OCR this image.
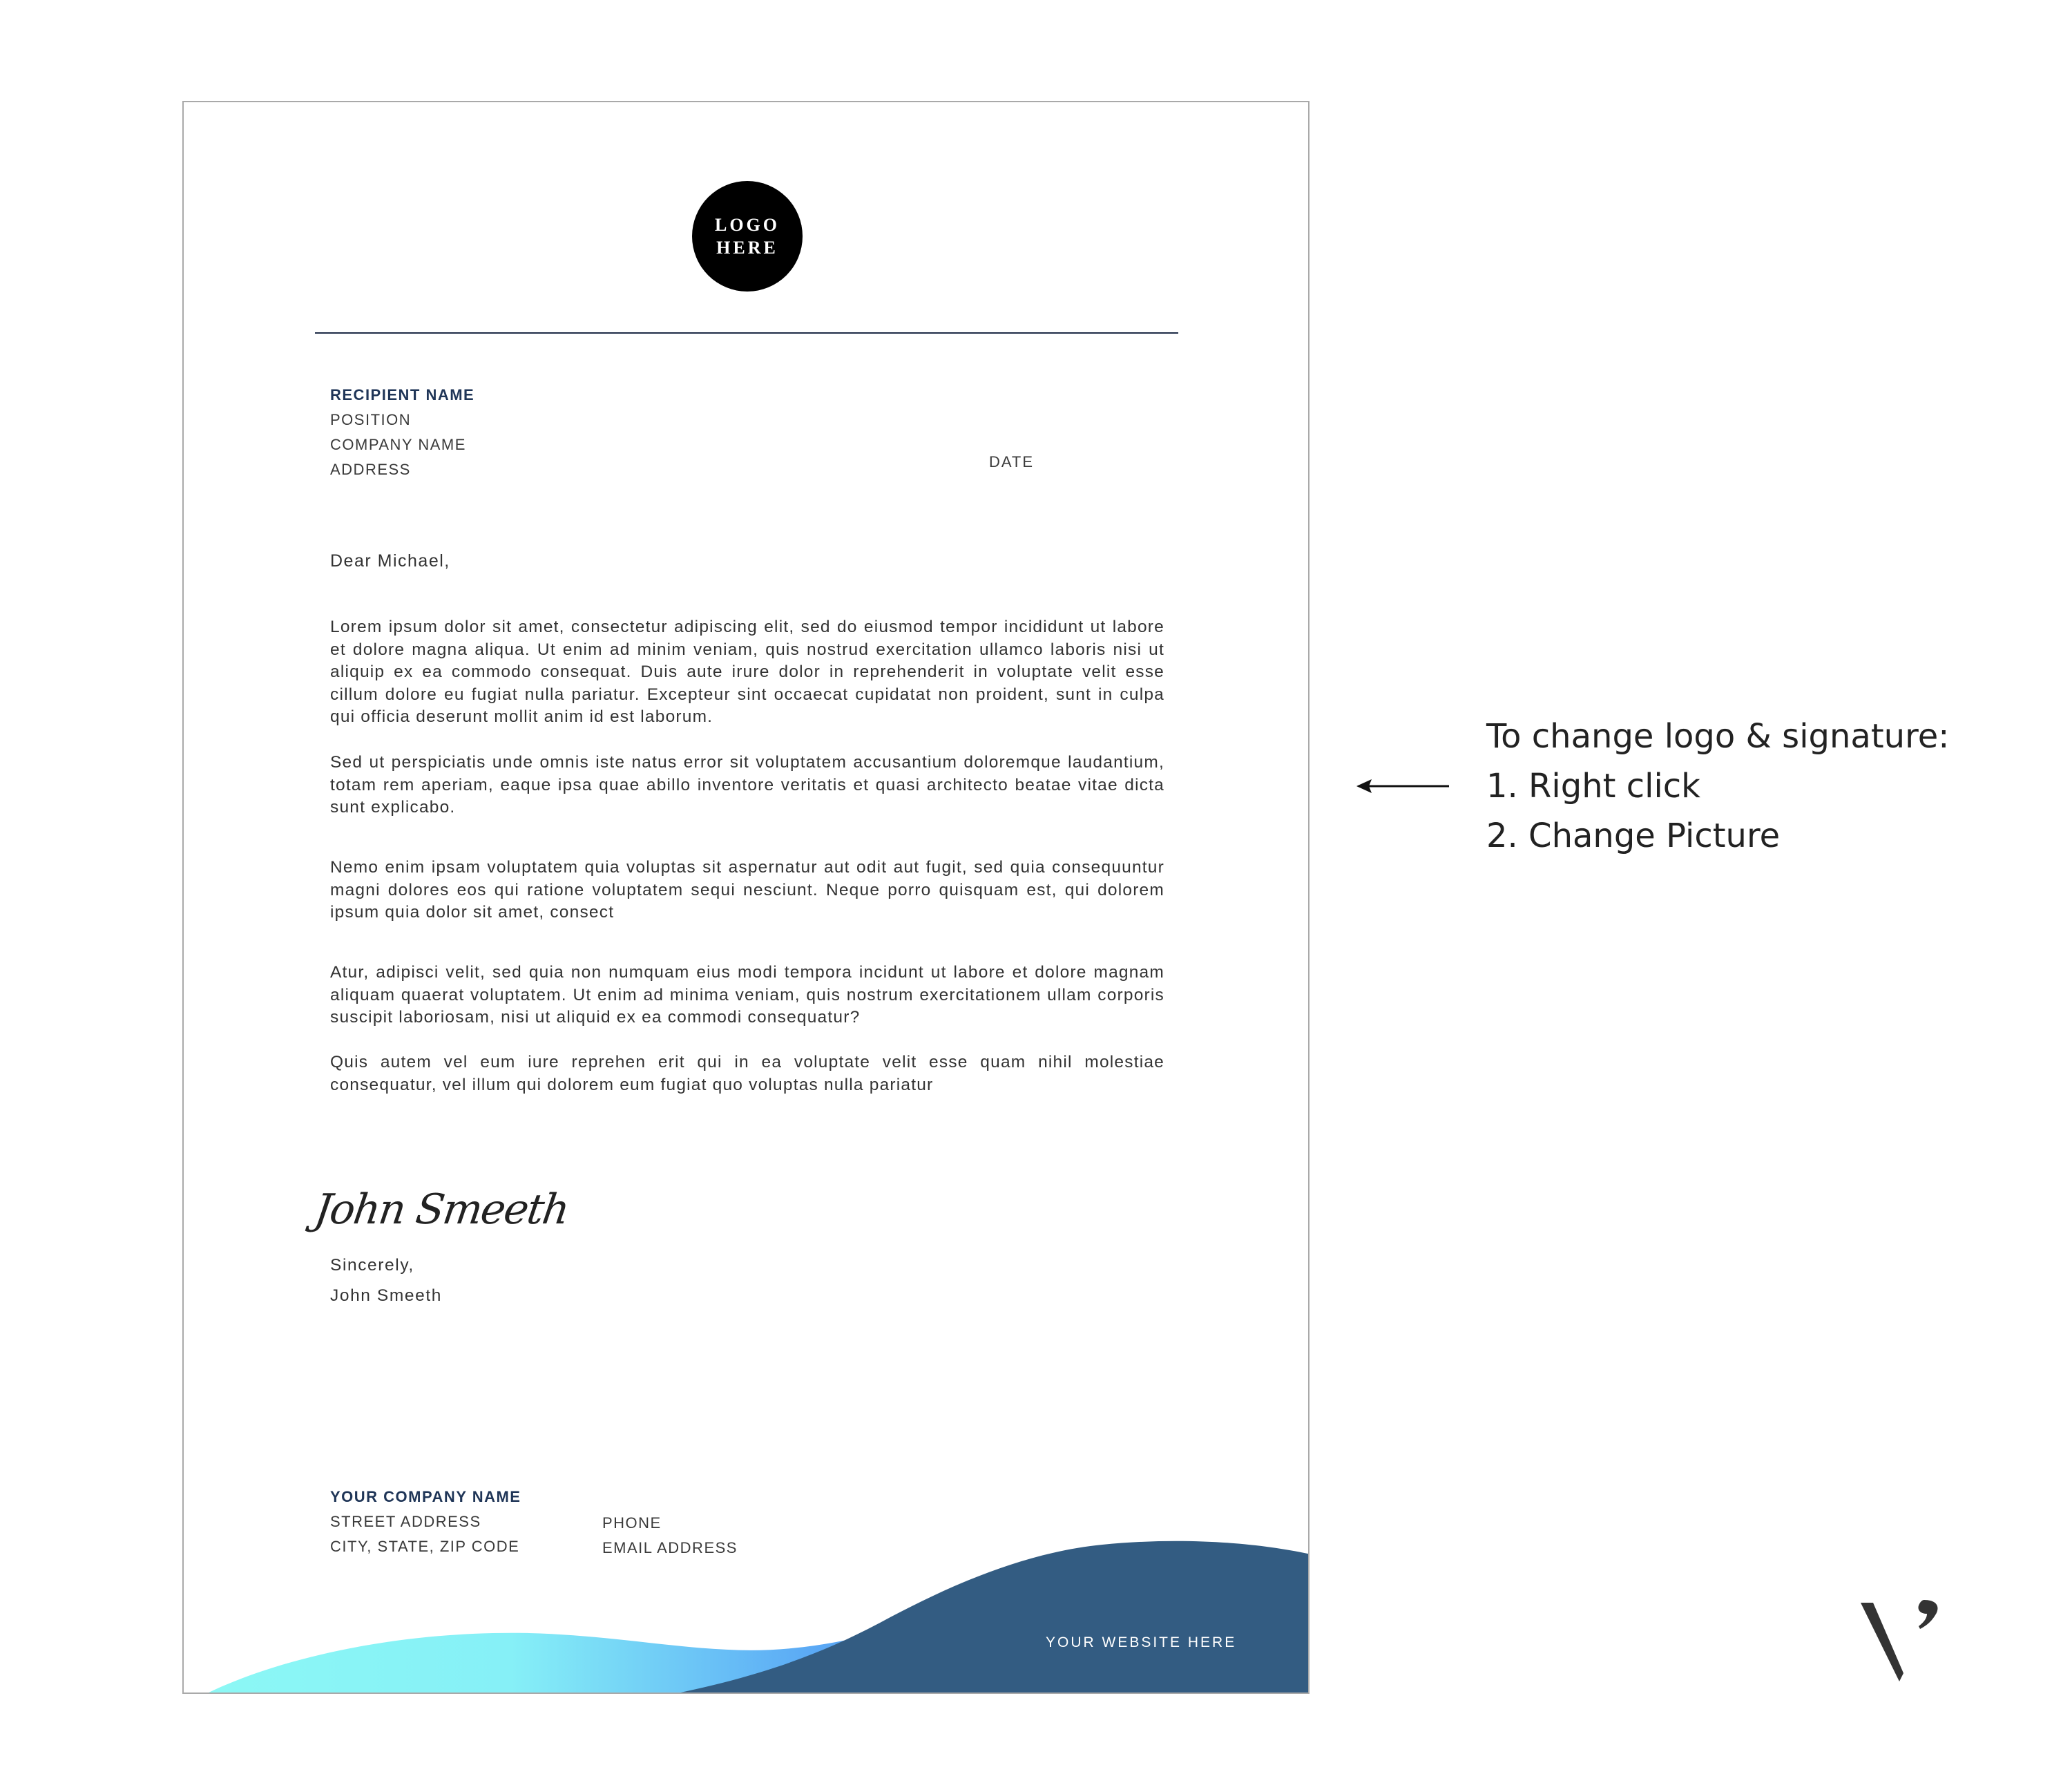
LOGO
HERE
RECIPIENT NAME
POSITION
COMPANY NAME
ADDRESS	DATE
Dear Michael,

Lorem ipsum dolor sit amet, consectetur adipiscing elit, sed do eiusmod tempor incididunt ut labore et dolore magna aliqua. Ut enim ad minim veniam, quis nostrud exercitation ullamco laboris nisi ut aliquip ex ea commodo consequat. Duis aute irure dolor in reprehenderit in voluptate velit esse cillum dolore eu fugiat nulla pariatur. Excepteur sint occaecat cupidatat non proident, sunt in culpa qui officia deserunt mollit anim id est laborum.

Sed ut perspiciatis unde omnis iste natus error sit voluptatem accusantium doloremque laudantium, totam rem aperiam, eaque ipsa quae abillo inventore veritatis et quasi architecto beatae vitae dicta sunt explicabo.

Nemo enim ipsam voluptatem quia voluptas sit aspernatur aut odit aut fugit, sed quia consequuntur magni dolores eos qui ratione voluptatem sequi nesciunt. Neque porro quisquam est, qui dolorem ipsum quia dolor sit amet, consect

Atur, adipisci velit, sed quia non numquam eius modi tempora incidunt ut labore et dolore magnam aliquam quaerat voluptatem. Ut enim ad minima veniam, quis nostrum exercitationem ullam corporis suscipit laboriosam, nisi ut aliquid ex ea commodi consequatur?

Quis autem vel eum iure reprehen erit qui in ea voluptate velit esse quam nihil molestiae consequatur, vel illum qui dolorem eum fugiat quo voluptas nulla pariatur

John Smeeth
Sincerely,
John Smeeth
YOUR COMPANY NAME
STREET ADDRESS
CITY, STATE, ZIP CODE
PHONE
EMAIL ADDRESS
YOUR WEBSITE HERE
To change logo & signature:
1. Right click
2. Change Picture
